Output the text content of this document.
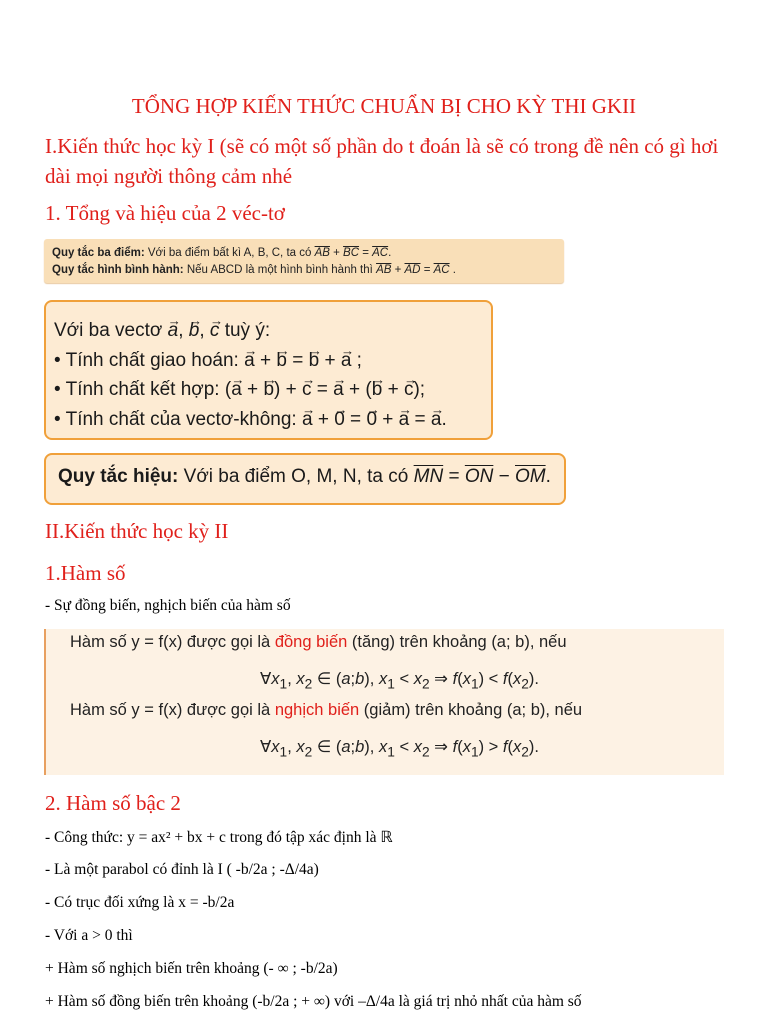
TỔNG HỢP KIẾN THỨC CHUẨN BỊ CHO KỲ THI GKII
I.Kiến thức học kỳ I (sẽ có một số phần do t đoán là sẽ có trong đề nên có gì hơi dài mọi người thông cảm nhé
1. Tổng và hiệu của 2 véc-tơ
Quy tắc ba điểm: Với ba điểm bất kì A, B, C, ta có $\overline{AB} + \overline{BC} = \overline{AC}$.
Quy tắc hình bình hành: Nếu ABCD là một hình bình hành thì $\overline{AB} + \overline{AD} = \overline{AC}$ .
Với ba vectơ → a, → b, → c tuỳ ý:
• Tính chất giao hoán: → a + → b = → b + → a ;
• Tính chất kết hợp: (→ a + → b) + → c = → a + (→ b + → c);
• Tính chất của vectơ-không: → a + → 0 = → 0 + → a = → a.
Quy tắc hiệu: Với ba điểm O, M, N, ta có $\overline{MN} = \overline{ON} - \overline{OM}$.
II.Kiến thức học kỳ II
1.Hàm số
- Sự đồng biến, nghịch biến của hàm số
Hàm số y = f(x) được gọi là đồng biến (tăng) trên khoảng (a; b), nếu
$\forall x_1$, $x_2$ ∈ (a;b), $x_1 < x_2$ ⇒ $f(x_1) < f(x_2)$.
Hàm số y = f(x) được gọi là nghịch biến (giảm) trên khoảng (a; b), nếu
$\forall x_1$, $x_2$ ∈ (a;b), $x_1 < x_2$ ⇒ $f(x_1) > f(x_2)$.
2. Hàm số bậc 2
- Công thức: y = ax² + bx + c trong đó tập xác định là ℝ
- Là một parabol có đỉnh là I ( -b/2a ; -Δ/4a)
- Có trục đối xứng là x = -b/2a
- Với a > 0 thì
+ Hàm số nghịch biến trên khoảng (- ∞ ; -b/2a)
+ Hàm số đồng biến trên khoảng (-b/2a ; + ∞) với –Δ/4a là giá trị nhỏ nhất của hàm số
